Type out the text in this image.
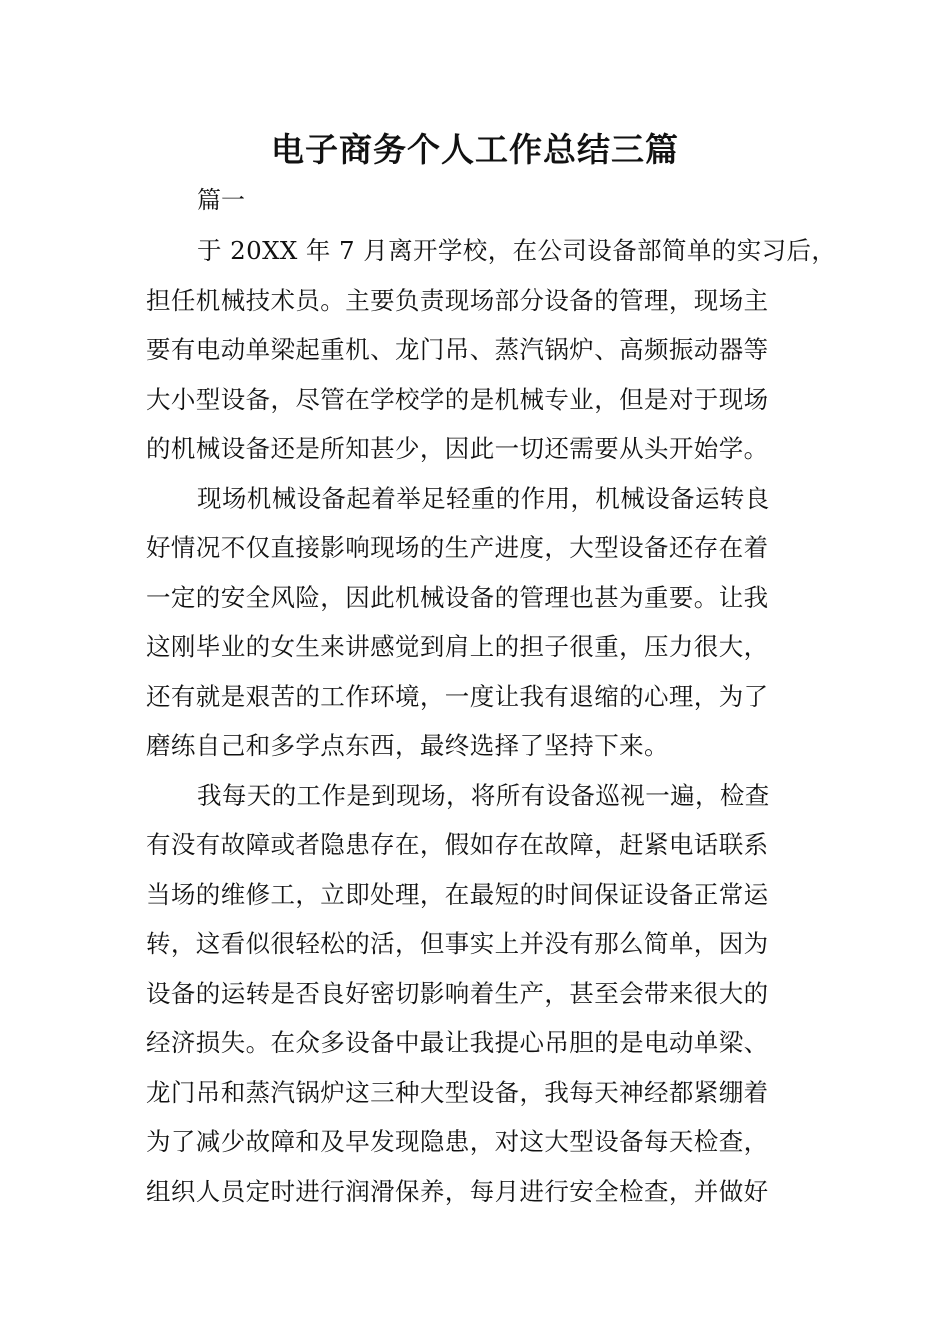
电子商务个人工作总结三篇

篇一

于 20XX 年 7 月离开学校，在公司设备部简单的实习后，
担任机械技术员。主要负责现场部分设备的管理，现场主
要有电动单梁起重机、龙门吊、蒸汽锅炉、高频振动器等
大小型设备，尽管在学校学的是机械专业，但是对于现场
的机械设备还是所知甚少，因此一切还需要从头开始学。
现场机械设备起着举足轻重的作用，机械设备运转良
好情况不仅直接影响现场的生产进度，大型设备还存在着
一定的安全风险，因此机械设备的管理也甚为重要。让我
这刚毕业的女生来讲感觉到肩上的担子很重，压力很大，
还有就是艰苦的工作环境，一度让我有退缩的心理，为了
磨练自己和多学点东西，最终选择了坚持下来。
我每天的工作是到现场，将所有设备巡视一遍，检查
有没有故障或者隐患存在，假如存在故障，赶紧电话联系
当场的维修工，立即处理，在最短的时间保证设备正常运
转，这看似很轻松的活，但事实上并没有那么简单，因为
设备的运转是否良好密切影响着生产，甚至会带来很大的
经济损失。在众多设备中最让我提心吊胆的是电动单梁、
龙门吊和蒸汽锅炉这三种大型设备，我每天神经都紧绷着
为了减少故障和及早发现隐患，对这大型设备每天检查，
组织人员定时进行润滑保养，每月进行安全检查，并做好
